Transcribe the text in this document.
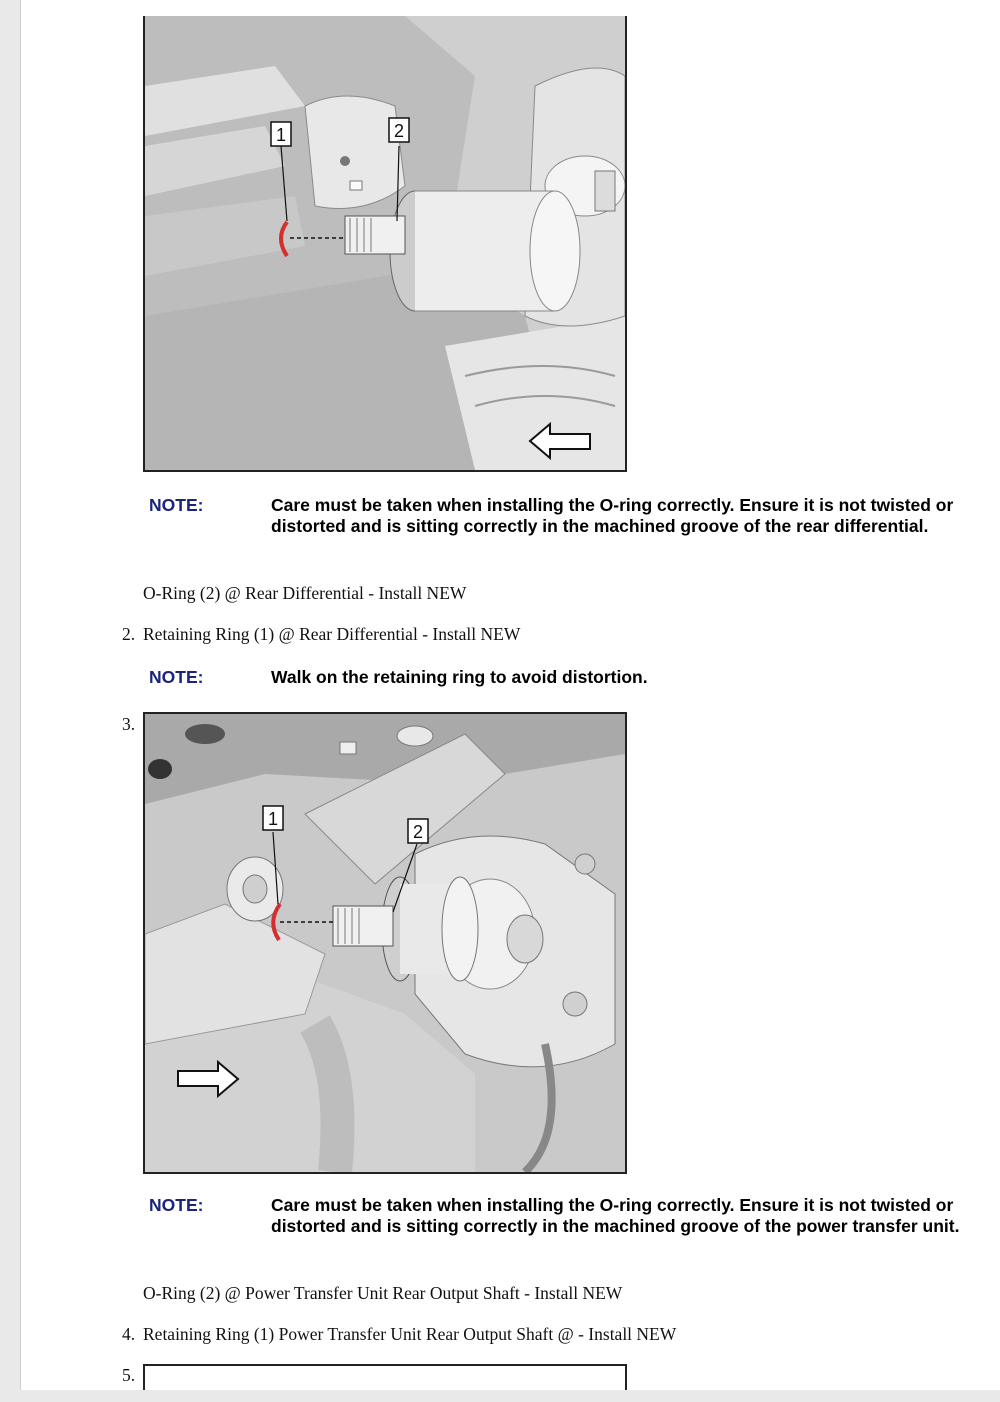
1	2
NOTE:	Care must be taken when installing the O-ring correctly. Ensure it is not twisted or distorted and is sitting correctly in the machined groove of the rear differential.
O-Ring (2) @ Rear Differential - Install NEW
2. Retaining Ring (1) @ Rear Differential - Install NEW
NOTE:	Walk on the retaining ring to avoid distortion.
3.
1
2
NOTE:	Care must be taken when installing the O-ring correctly. Ensure it is not twisted or distorted and is sitting correctly in the machined groove of the power transfer unit.
O-Ring (2) @ Power Transfer Unit Rear Output Shaft - Install NEW
4. Retaining Ring (1) Power Transfer Unit Rear Output Shaft @ - Install NEW
5.
